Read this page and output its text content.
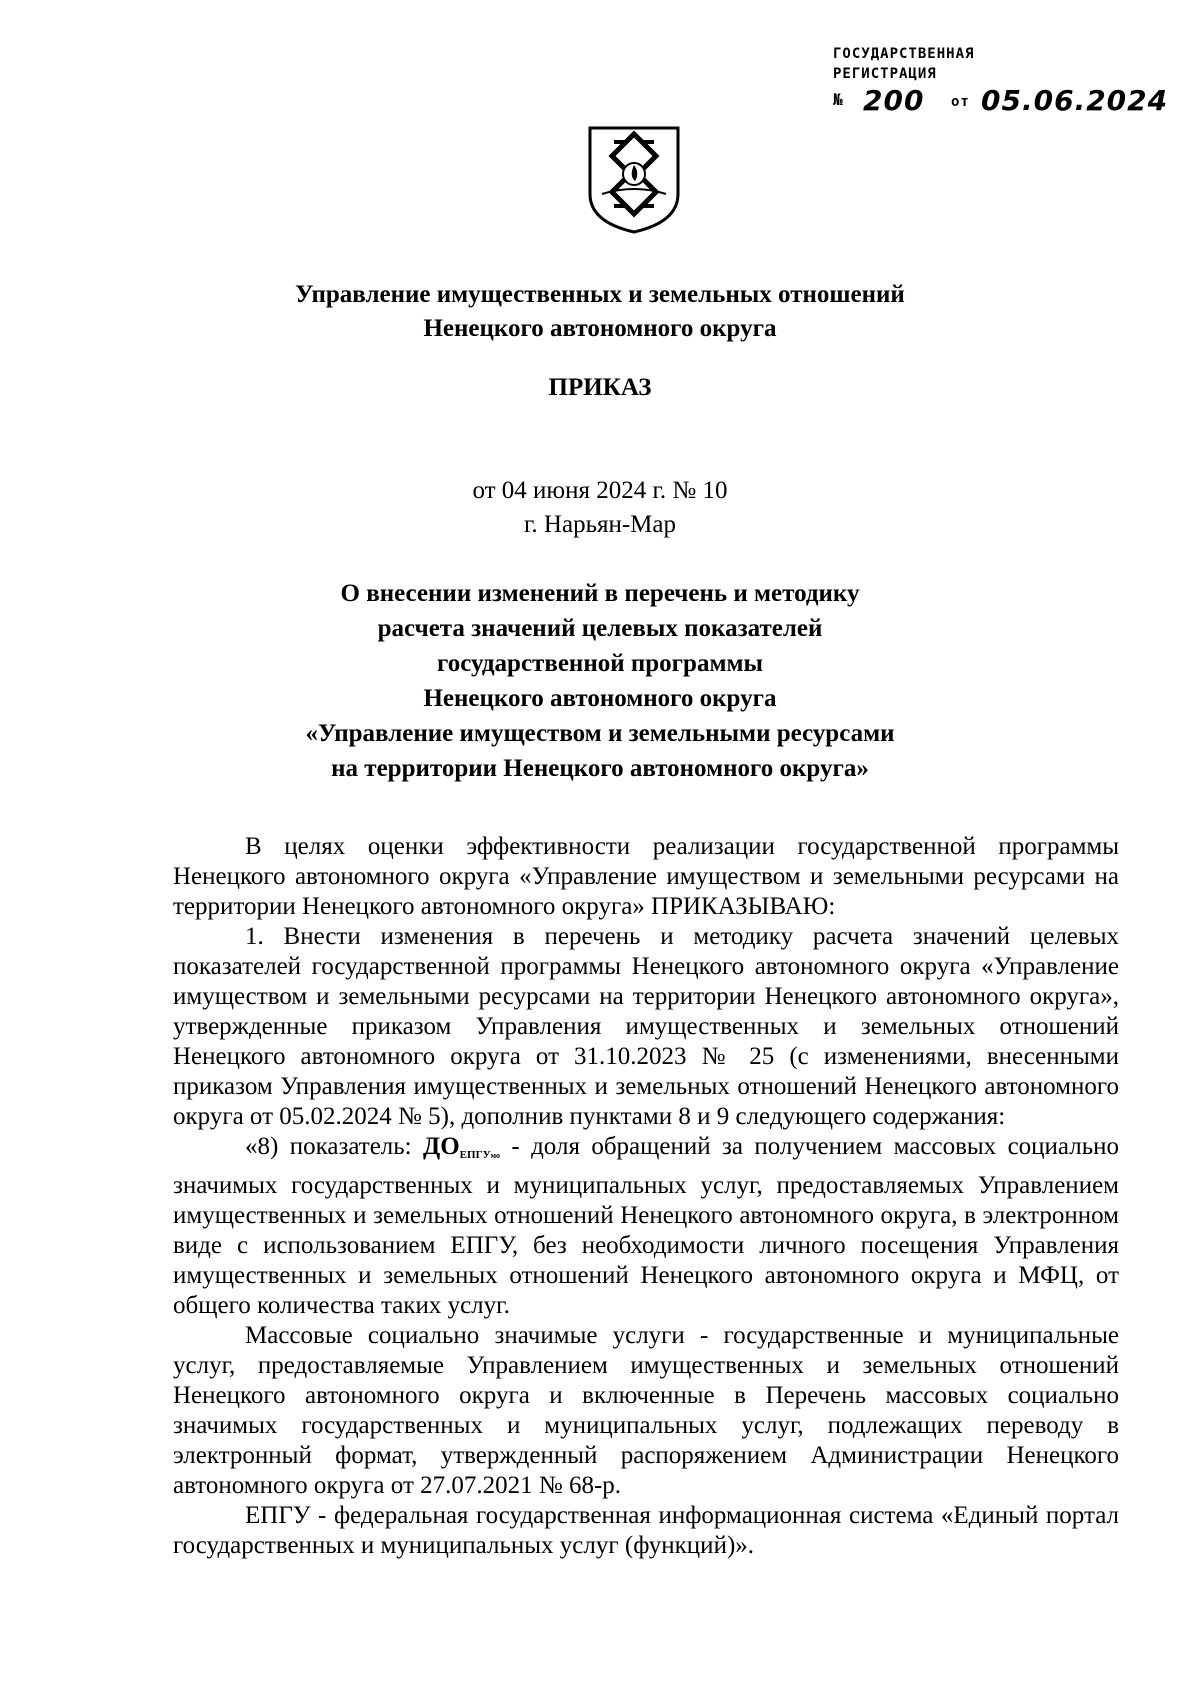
ГОСУДАРСТВЕННАЯ
РЕГИСТРАЦИЯ
№ 200 от 05.06.2024
Управление имущественных и земельных отношений
Ненецкого автономного округа
ПРИКАЗ
от 04 июня 2024 г. № 10
г. Нарьян-Мар
О внесении изменений в перечень и методику
расчета значений целевых показателей
государственной программы
Ненецкого автономного округа
«Управление имуществом и земельными ресурсами
на территории Ненецкого автономного округа»

В целях оценки эффективности реализации государственной программы Ненецкого автономного округа «Управление имуществом и земельными ресурсами на территории Ненецкого автономного округа» ПРИКАЗЫВАЮ:

1. Внести изменения в перечень и методику расчета значений целевых показателей государственной программы Ненецкого автономного округа «Управление имуществом и земельными ресурсами на территории Ненецкого автономного округа», утвержденные приказом Управления имущественных и земельных отношений Ненецкого автономного округа от 31.10.2023 № 25 (с изменениями, внесенными приказом Управления имущественных и земельных отношений Ненецкого автономного округа от 05.02.2024 № 5), дополнив пунктами 8 и 9 следующего содержания:

«8) показатель: $ДО_{ЕПГУмо}$ - доля обращений за получением массовых социально значимых государственных и муниципальных услуг, предоставляемых Управлением имущественных и земельных отношений Ненецкого автономного округа, в электронном виде с использованием ЕПГУ, без необходимости личного посещения Управления имущественных и земельных отношений Ненецкого автономного округа и МФЦ, от общего количества таких услуг.

Массовые социально значимые услуги - государственные и муниципальные услуг, предоставляемые Управлением имущественных и земельных отношений Ненецкого автономного округа и включенные в Перечень массовых социально значимых государственных и муниципальных услуг, подлежащих переводу в электронный формат, утвержденный распоряжением Администрации Ненецкого автономного округа от 27.07.2021 № 68-р.

ЕПГУ - федеральная государственная информационная система «Единый портал государственных и муниципальных услуг (функций)».
